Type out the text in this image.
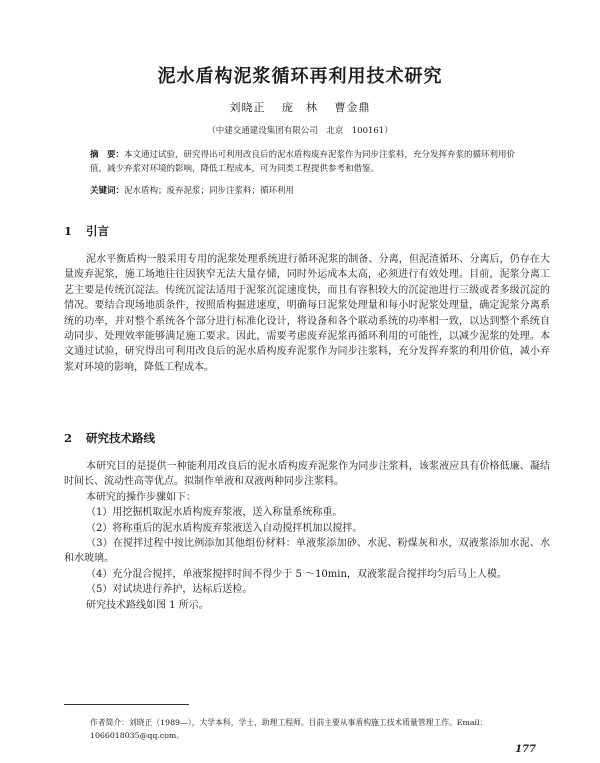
泥水盾构泥浆循环再利用技术研究
刘晓正 庞　林 曹金鼎
（中建交通建设集团有限公司　北京　100161）
摘　要：本文通过试验，研究得出可利用改良后的泥水盾构废弃泥浆作为同步注浆料，充分发挥弃浆的循环利用价值，减少弃浆对环境的影响，降低工程成本，可为同类工程提供参考和借鉴。
关键词：泥水盾构；废弃泥浆；同步注浆料；循环利用
1 引言

泥水平衡盾构一般采用专用的泥浆处理系统进行循环泥浆的制备、分离，但泥渣循环、分离后，仍存在大量废弃泥浆，施工场地往往因狭窄无法大量存储，同时外运成本太高，必须进行有效处理。目前，泥浆分离工艺主要是传统沉淀法。传统沉淀法适用于泥浆沉淀速度快，而且有容积较大的沉淀池进行三级或者多级沉淀的情况。要结合现场地质条件，按照盾构掘进速度，明确每日泥浆处理量和每小时泥浆处理量，确定泥浆分离系统的功率，并对整个系统各个部分进行标准化设计，将设备和各个联动系统的功率相一致，以达到整个系统自动同步、处理效率能够满足施工要求。因此，需要考虑废弃泥浆再循环利用的可能性，以减少泥浆的处理。本文通过试验，研究得出可利用改良后的泥水盾构废弃泥浆作为同步注浆料，充分发挥弃浆的利用价值，减小弃浆对环境的影响，降低工程成本。

2 研究技术路线

本研究目的是提供一种能利用改良后的泥水盾构废弃泥浆作为同步注浆料，该浆液应具有价格低廉、凝结时间长、流动性高等优点。拟制作单液和双液两种同步注浆料。

本研究的操作步骤如下：

（1）用挖掘机取泥水盾构废弃浆液，送入称量系统称重。

（2）将称重后的泥水盾构废弃浆液送入自动搅拌机加以搅拌。

（3）在搅拌过程中按比例添加其他组份材料：单液浆添加砂、水泥、粉煤灰和水，双液浆添加水泥、水和水玻璃。

（4）充分混合搅拌，单液浆搅拌时间不得少于 5 ～10min，双液浆混合搅拌均匀后马上人模。

（5）对试块进行养护，达标后送检。

研究技术路线如图 1 所示。

作者简介：刘晓正（1989—），大学本科，学士，助理工程师。目前主要从事盾构施工技术质量管理工作。Email：1066018035@qq.com。
177
